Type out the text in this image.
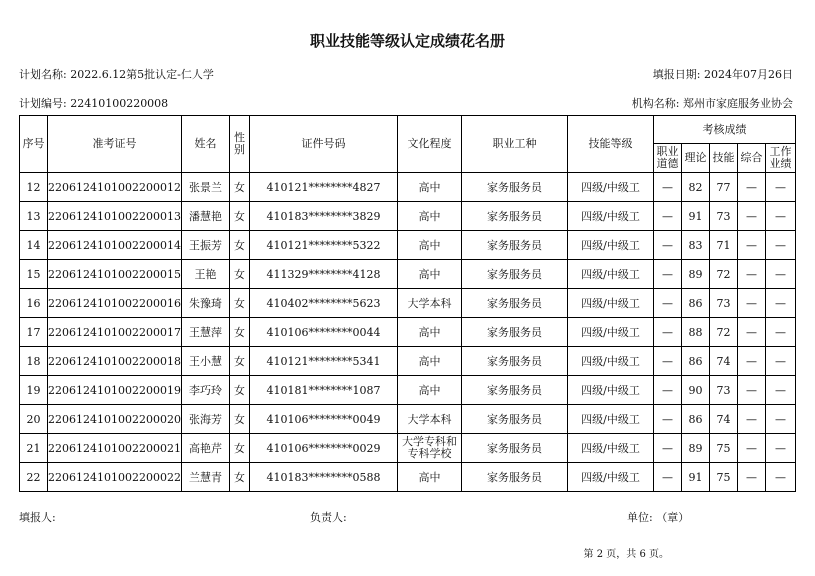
职业技能等级认定成绩花名册
计划名称: 2022.6.12第5批认定-仁人学	填报日期: 2024年07月26日
计划编号: 22410100220008	机构名称: 郑州市家庭服务业协会
序号	准考证号	姓名	性别	证件号码	文化程度	职业工种	技能等级	考核成绩				
								职业道德	理论	技能	综合	工作业绩
12	2206124101002200012	张景兰	女	410121********4827	高中	家务服务员	四级/中级工	—	82	77	—	—
13	2206124101002200013	潘慧艳	女	410183********3829	高中	家务服务员	四级/中级工	—	91	73	—	—
14	2206124101002200014	王振芳	女	410121********5322	高中	家务服务员	四级/中级工	—	83	71	—	—
15	2206124101002200015	王艳	女	411329********4128	高中	家务服务员	四级/中级工	—	89	72	—	—
16	2206124101002200016	朱豫琦	女	410402********5623	大学本科	家务服务员	四级/中级工	—	86	73	—	—
17	2206124101002200017	王慧萍	女	410106********0044	高中	家务服务员	四级/中级工	—	88	72	—	—
18	2206124101002200018	王小慧	女	410121********5341	高中	家务服务员	四级/中级工	—	86	74	—	—
19	2206124101002200019	李巧玲	女	410181********1087	高中	家务服务员	四级/中级工	—	90	73	—	—
20	2206124101002200020	张海芳	女	410106********0049	大学本科	家务服务员	四级/中级工	—	86	74	—	—
21	2206124101002200021	高艳芹	女	410106********0029	大学专科和专科学校	家务服务员	四级/中级工	—	89	75	—	—
22	2206124101002200022	兰慧青	女	410183********0588	高中	家务服务员	四级/中级工	—	91	75	—	—
填报人:	负责人:	单位: （章）
第 2 页，共 6 页。
